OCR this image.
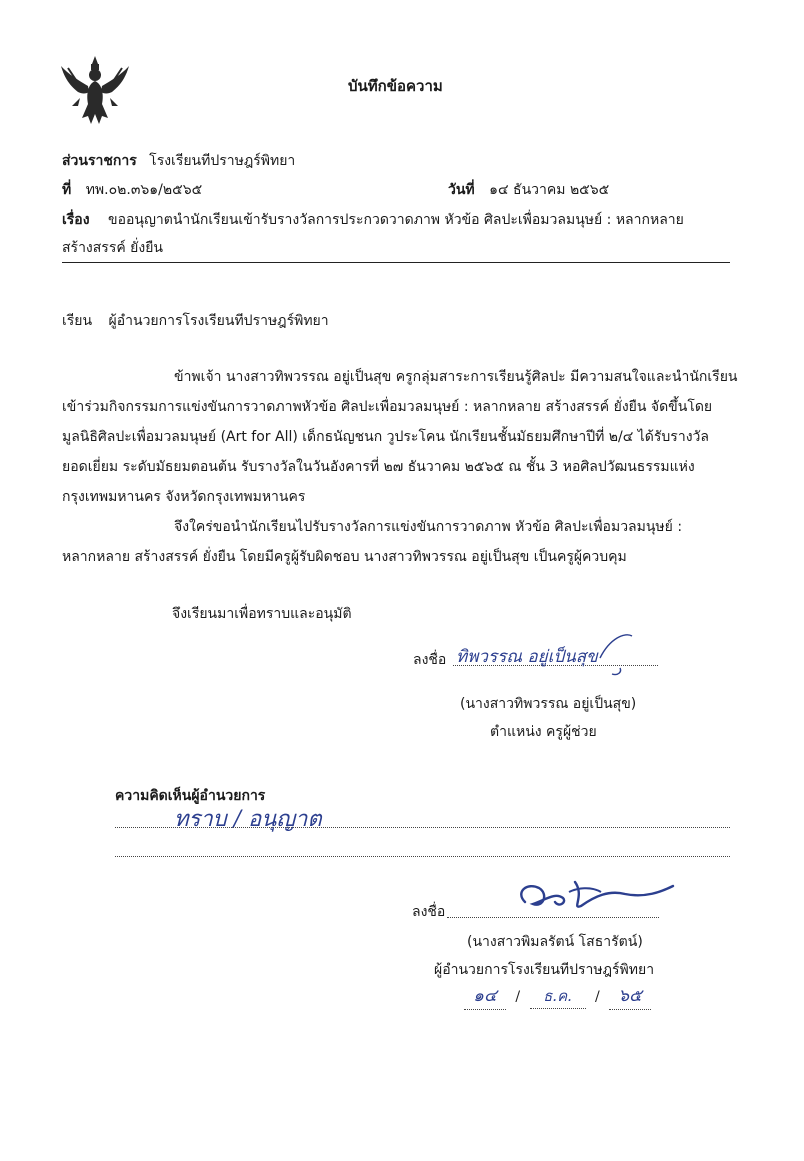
บันทึกข้อความ
ส่วนราชการ โรงเรียนทีปราษฎร์พิทยา
ที่ ทพ.๐๒.๓๖๑/๒๕๖๕	วันที่ ๑๔ ธันวาคม ๒๕๖๕
เรื่อง ขออนุญาตนำนักเรียนเข้ารับรางวัลการประกวดวาดภาพ หัวข้อ ศิลปะเพื่อมวลมนุษย์ : หลากหลาย
สร้างสรรค์ ยั่งยืน
เรียน ผู้อำนวยการโรงเรียนทีปราษฎร์พิทยา
ข้าพเจ้า นางสาวทิพวรรณ อยู่เป็นสุข ครูกลุ่มสาระการเรียนรู้ศิลปะ มีความสนใจและนำนักเรียน
เข้าร่วมกิจกรรมการแข่งขันการวาดภาพหัวข้อ ศิลปะเพื่อมวลมนุษย์ : หลากหลาย สร้างสรรค์ ยั่งยืน จัดขึ้นโดย
มูลนิธิศิลปะเพื่อมวลมนุษย์ (Art for All) เด็กธนัญชนก วูประโคน นักเรียนชั้นมัธยมศึกษาปีที่ ๒/๔ ได้รับรางวัล
ยอดเยี่ยม ระดับมัธยมตอนต้น รับรางวัลในวันอังคารที่ ๒๗ ธันวาคม ๒๕๖๕ ณ ชั้น 3 หอศิลปวัฒนธรรมแห่ง
กรุงเทพมหานคร จังหวัดกรุงเทพมหานคร
จึงใคร่ขอนำนักเรียนไปรับรางวัลการแข่งขันการวาดภาพ หัวข้อ ศิลปะเพื่อมวลมนุษย์ :
หลากหลาย สร้างสรรค์ ยั่งยืน โดยมีครูผู้รับผิดชอบ นางสาวทิพวรรณ อยู่เป็นสุข เป็นครูผู้ควบคุม
จึงเรียนมาเพื่อทราบและอนุมัติ
ลงชื่อ ทิพวรรณ อยู่เป็นสุข
(นางสาวทิพวรรณ อยู่เป็นสุข)
ตำแหน่ง ครูผู้ช่วย
ความคิดเห็นผู้อำนวยการ
ทราบ / อนุญาต
ลงชื่อ
(นางสาวพิมลรัตน์ โสธารัตน์)
ผู้อำนวยการโรงเรียนทีปราษฎร์พิทยา
๑๔ / ธ.ค. / ๖๕
